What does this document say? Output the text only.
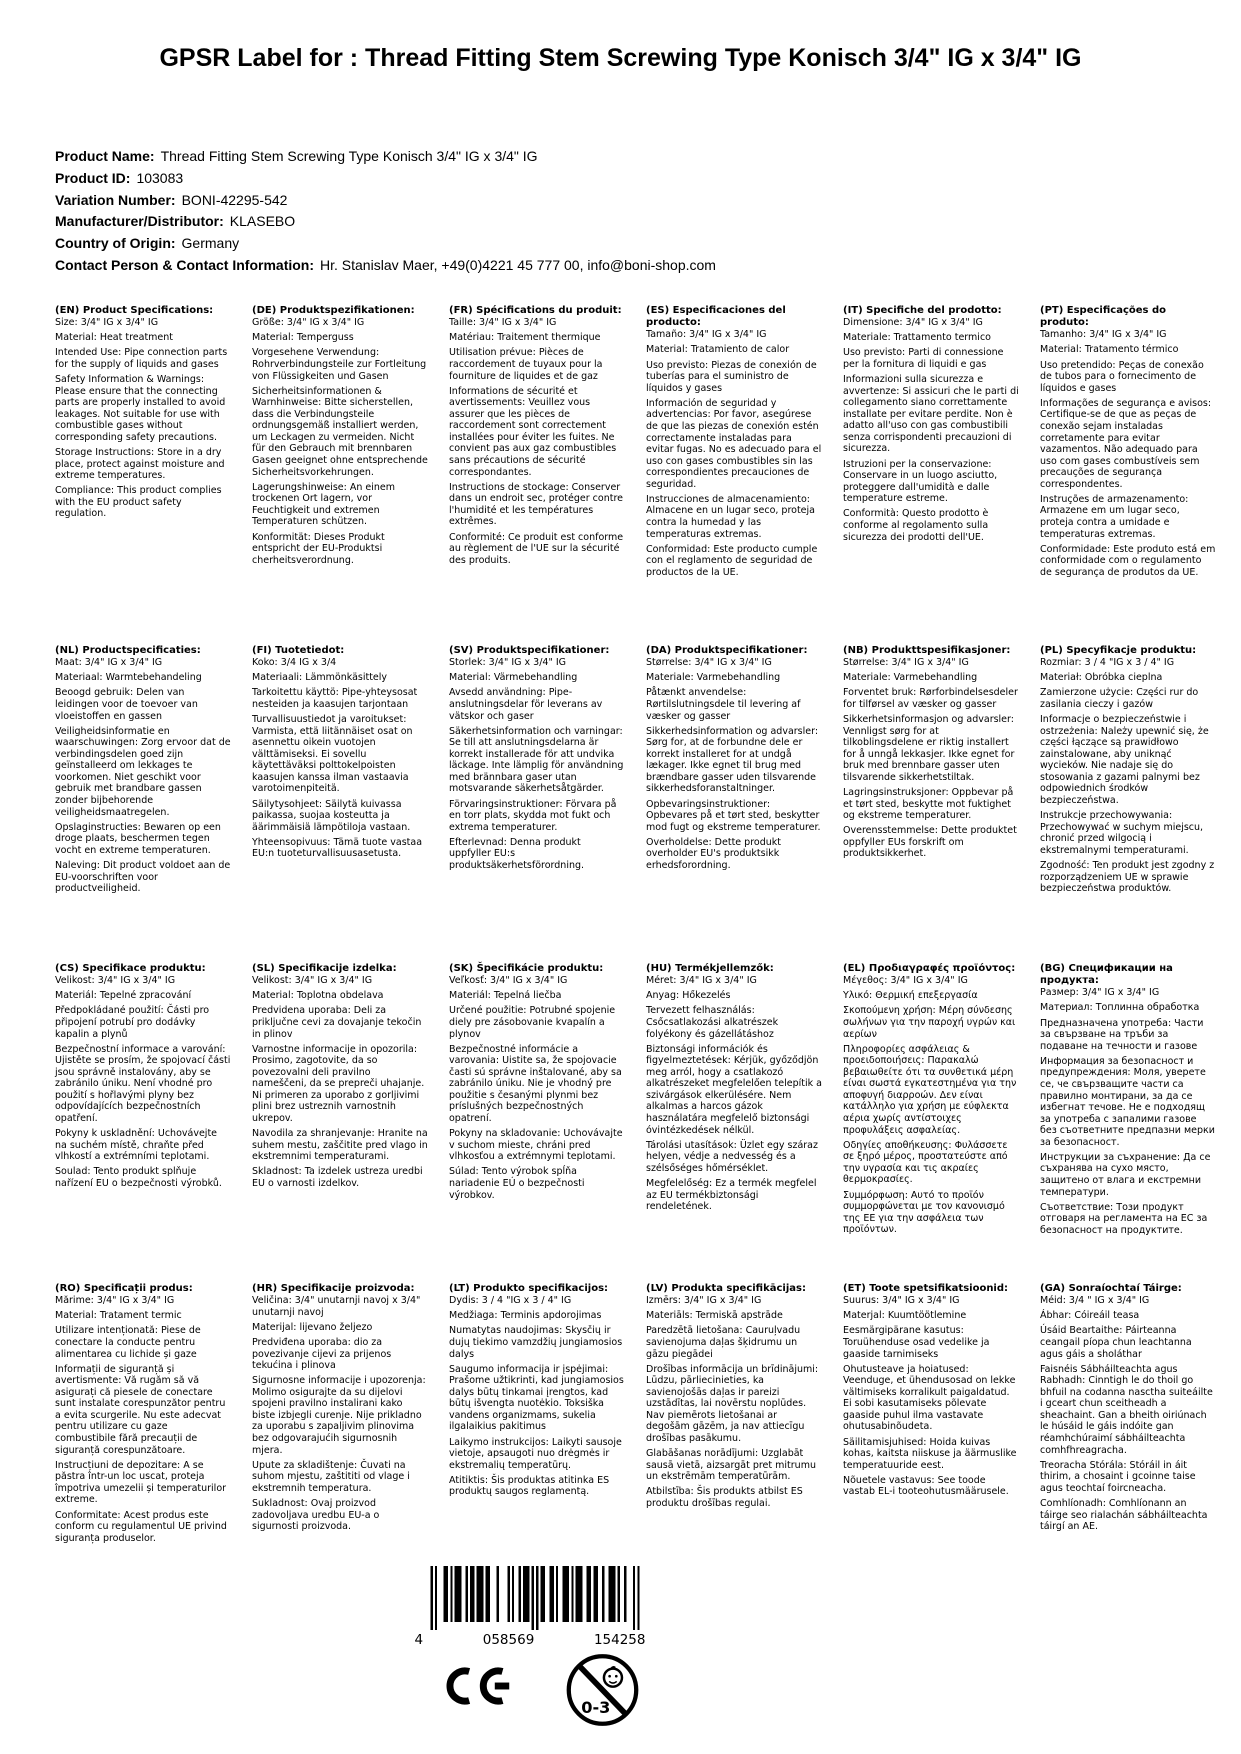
GPSR Label for : Thread Fitting Stem Screwing Type Konisch 3/4" IG x 3/4" IG
Product Name: Thread Fitting Stem Screwing Type Konisch 3/4" IG x 3/4" IG
Product ID: 103083
Variation Number: BONI-42295-542
Manufacturer/Distributor: KLASEBO
Country of Origin: Germany
Contact Person & Contact Information: Hr. Stanislav Maer, +49(0)4221 45 777 00, info@boni-shop.com
(EN) Product Specifications:

Size: 3/4" IG x 3/4" IG

Material: Heat treatment

Intended Use: Pipe connection parts for the supply of liquids and gases

Safety Information & Warnings: Please ensure that the connecting parts are properly installed to avoid leakages. Not suitable for use with combustible gases without corresponding safety precautions.

Storage Instructions: Store in a dry place, protect against moisture and extreme temperatures.

Compliance: This product complies with the EU product safety regulation.

(DE) Produktspezifikationen:

Größe: 3/4" IG x 3/4" IG

Material: Temperguss

Vorgesehene Verwendung: Rohrverbindungsteile zur Fortleitung von Flüssigkeiten und Gasen

Sicherheitsinformationen & Warnhinweise: Bitte sicherstellen, dass die Verbindungsteile ordnungsgemäß installiert werden, um Leckagen zu vermeiden. Nicht für den Gebrauch mit brennbaren Gasen geeignet ohne entsprechende Sicherheitsvorkehrungen.

Lagerungshinweise: An einem trockenen Ort lagern, vor Feuchtigkeit und extremen Temperaturen schützen.

Konformität: Dieses Produkt entspricht der EU-Produktsi cherheitsverordnung.

(FR) Spécifications du produit:

Taille: 3/4" IG x 3/4" IG

Matériau: Traitement thermique

Utilisation prévue: Pièces de raccordement de tuyaux pour la fourniture de liquides et de gaz

Informations de sécurité et avertissements: Veuillez vous assurer que les pièces de raccordement sont correctement installées pour éviter les fuites. Ne convient pas aux gaz combustibles sans précautions de sécurité correspondantes.

Instructions de stockage: Conserver dans un endroit sec, protéger contre l'humidité et les températures extrêmes.

Conformité: Ce produit est conforme au règlement de l'UE sur la sécurité des produits.

(ES) Especificaciones del producto:

Tamaño: 3/4" IG x 3/4" IG

Material: Tratamiento de calor

Uso previsto: Piezas de conexión de tuberías para el suministro de líquidos y gases

Información de seguridad y advertencias: Por favor, asegúrese de que las piezas de conexión estén correctamente instaladas para evitar fugas. No es adecuado para el uso con gases combustibles sin las correspondientes precauciones de seguridad.

Instrucciones de almacenamiento: Almacene en un lugar seco, proteja contra la humedad y las temperaturas extremas.

Conformidad: Este producto cumple con el reglamento de seguridad de productos de la UE.

(IT) Specifiche del prodotto:

Dimensione: 3/4" IG x 3/4" IG

Materiale: Trattamento termico

Uso previsto: Parti di connessione per la fornitura di liquidi e gas

Informazioni sulla sicurezza e avvertenze: Si assicuri che le parti di collegamento siano correttamente installate per evitare perdite. Non è adatto all'uso con gas combustibili senza corrispondenti precauzioni di sicurezza.

Istruzioni per la conservazione: Conservare in un luogo asciutto, proteggere dall'umidità e dalle temperature estreme.

Conformità: Questo prodotto è conforme al regolamento sulla sicurezza dei prodotti dell'UE.

(PT) Especificações do produto:

Tamanho: 3/4" IG x 3/4" IG

Material: Tratamento térmico

Uso pretendido: Peças de conexão de tubos para o fornecimento de líquidos e gases

Informações de segurança e avisos: Certifique-se de que as peças de conexão sejam instaladas corretamente para evitar vazamentos. Não adequado para uso com gases combustíveis sem precauções de segurança correspondentes.

Instruções de armazenamento: Armazene em um lugar seco, proteja contra a umidade e temperaturas extremas.

Conformidade: Este produto está em conformidade com o regulamento de segurança de produtos da UE.

(NL) Productspecificaties:

Maat: 3/4" IG x 3/4" IG

Materiaal: Warmtebehandeling

Beoogd gebruik: Delen van leidingen voor de toevoer van vloeistoffen en gassen

Veiligheidsinformatie en waarschuwingen: Zorg ervoor dat de verbindingsdelen goed zijn geïnstalleerd om lekkages te voorkomen. Niet geschikt voor gebruik met brandbare gassen zonder bijbehorende veiligheidsmaatregelen.

Opslaginstructies: Bewaren op een droge plaats, beschermen tegen vocht en extreme temperaturen.

Naleving: Dit product voldoet aan de EU-voorschriften voor productveiligheid.

(FI) Tuotetiedot:

Koko: 3/4 IG x 3/4

Materiaali: Lämmönkäsittely

Tarkoitettu käyttö: Pipe-yhteysosat nesteiden ja kaasujen tarjontaan

Turvallisuustiedot ja varoitukset: Varmista, että liitännäiset osat on asennettu oikein vuotojen välttämiseksi. Ei sovellu käytettäväksi polttokelpoisten kaasujen kanssa ilman vastaavia varotoimenpiteitä.

Säilytysohjeet: Säilytä kuivassa paikassa, suojaa kosteutta ja äärimmäisiä lämpötiloja vastaan.

Yhteensopivuus: Tämä tuote vastaa EU:n tuoteturvallisuusasetusta.

(SV) Produktspecifikationer:

Storlek: 3/4" IG x 3/4" IG

Material: Värmebehandling

Avsedd användning: Pipe-anslutningsdelar för leverans av vätskor och gaser

Säkerhetsinformation och varningar: Se till att anslutningsdelarna är korrekt installerade för att undvika läckage. Inte lämplig för användning med brännbara gaser utan motsvarande säkerhetsåtgärder.

Förvaringsinstruktioner: Förvara på en torr plats, skydda mot fukt och extrema temperaturer.

Efterlevnad: Denna produkt uppfyller EU:s produktsäkerhetsförordning.

(DA) Produktspecifikationer:

Størrelse: 3/4" IG x 3/4" IG

Materiale: Varmebehandling

Påtænkt anvendelse: Rørtilslutningsdele til levering af væsker og gasser

Sikkerhedsinformation og advarsler: Sørg for, at de forbundne dele er korrekt installeret for at undgå lækager. Ikke egnet til brug med brændbare gasser uden tilsvarende sikkerhedsforanstaltninger.

Opbevaringsinstruktioner: Opbevares på et tørt sted, beskytter mod fugt og ekstreme temperaturer.

Overholdelse: Dette produkt overholder EU's produktsikk erhedsforordning.

(NB) Produkttspesifikasjoner:

Størrelse: 3/4" IG x 3/4" IG

Materiale: Varmebehandling

Forventet bruk: Rørforbindelsesdeler for tilførsel av væsker og gasser

Sikkerhetsinformasjon og advarsler: Vennligst sørg for at tilkoblingsdelene er riktig installert for å unngå lekkasjer. Ikke egnet for bruk med brennbare gasser uten tilsvarende sikkerhetstiltak.

Lagringsinstruksjoner: Oppbevar på et tørt sted, beskytte mot fuktighet og ekstreme temperaturer.

Overensstemmelse: Dette produktet oppfyller EUs forskrift om produktsikkerhet.

(PL) Specyfikacje produktu:

Rozmiar: 3 / 4 "IG x 3 / 4" IG

Materiał: Obróbka cieplna

Zamierzone użycie: Części rur do zasilania cieczy i gazów

Informacje o bezpieczeństwie i ostrzeżenia: Należy upewnić się, że części łączące są prawidłowo zainstalowane, aby uniknąć wycieków. Nie nadaje się do stosowania z gazami palnymi bez odpowiednich środków bezpieczeństwa.

Instrukcje przechowywania: Przechowywać w suchym miejscu, chronić przed wilgocią i ekstremalnymi temperaturami.

Zgodność: Ten produkt jest zgodny z rozporządzeniem UE w sprawie bezpieczeństwa produktów.

(CS) Specifikace produktu:

Velikost: 3/4" IG x 3/4" IG

Materiál: Tepelné zpracování

Předpokládané použití: Části pro připojení potrubí pro dodávky kapalin a plynů

Bezpečnostní informace a varování: Ujistěte se prosím, že spojovací části jsou správně instalovány, aby se zabránilo úniku. Není vhodné pro použití s hořlavými plyny bez odpovídajících bezpečnostních opatření.

Pokyny k uskladnění: Uchovávejte na suchém místě, chraňte před vlhkostí a extrémními teplotami.

Soulad: Tento produkt splňuje nařízení EU o bezpečnosti výrobků.

(SL) Specifikacije izdelka:

Velikost: 3/4" IG x 3/4" IG

Material: Toplotna obdelava

Predvidena uporaba: Deli za priključne cevi za dovajanje tekočin in plinov

Varnostne informacije in opozorila: Prosimo, zagotovite, da so povezovalni deli pravilno nameščeni, da se prepreči uhajanje. Ni primeren za uporabo z gorljivimi plini brez ustreznih varnostnih ukrepov.

Navodila za shranjevanje: Hranite na suhem mestu, zaščitite pred vlago in ekstremnimi temperaturami.

Skladnost: Ta izdelek ustreza uredbi EU o varnosti izdelkov.

(SK) Špecifikácie produktu:

Veľkosť: 3/4" IG x 3/4" IG

Materiál: Tepelná liečba

Určené použitie: Potrubné spojenie diely pre zásobovanie kvapalín a plynov

Bezpečnostné informácie a varovania: Uistite sa, že spojovacie časti sú správne inštalované, aby sa zabránilo úniku. Nie je vhodný pre použitie s česanými plynmi bez príslušných bezpečnostných opatrení.

Pokyny na skladovanie: Uchovávajte v suchom mieste, chráni pred vlhkosťou a extrémnymi teplotami.

Súlad: Tento výrobok spĺňa nariadenie EÚ o bezpečnosti výrobkov.

(HU) Termékjellemzők:

Méret: 3/4" IG x 3/4" IG

Anyag: Hőkezelés

Tervezett felhasználás: Csőcsatlakozási alkatrészek folyékony és gázellátáshoz

Biztonsági információk és figyelmeztetések: Kérjük, győződjön meg arról, hogy a csatlakozó alkatrészeket megfelelően telepítik a szivárgások elkerülésére. Nem alkalmas a harcos gázok használatára megfelelő biztonsági óvintézkedések nélkül.

Tárolási utasítások: Üzlet egy száraz helyen, védje a nedvesség és a szélsőséges hőmérséklet.

Megfelelőség: Ez a termék megfelel az EU termékbiztonsági rendeletének.

(EL) Προδιαγραφές προϊόντος:

Μέγεθος: 3/4" IG x 3/4" IG

Υλικό: Θερμική επεξεργασία

Σκοπούμενη χρήση: Μέρη σύνδεσης σωλήνων για την παροχή υγρών και αερίων

Πληροφορίες ασφάλειας & προειδοποιήσεις: Παρακαλώ βεβαιωθείτε ότι τα συνθετικά μέρη είναι σωστά εγκατεστημένα για την αποφυγή διαρροών. Δεν είναι κατάλληλο για χρήση με εύφλεκτα αέρια χωρίς αντίστοιχες προφυλάξεις ασφαλείας.

Οδηγίες αποθήκευσης: Φυλάσσετε σε ξηρό μέρος, προστατεύστε από την υγρασία και τις ακραίες θερμοκρασίες.

Συμμόρφωση: Αυτό το προϊόν συμμορφώνεται με τον κανονισμό της ΕΕ για την ασφάλεια των προϊόντων.

(BG) Спецификации на продукта:

Размер: 3/4" IG x 3/4" IG

Материал: Топлинна обработка

Предназначена употреба: Части за свързване на тръби за подаване на течности и газове

Информация за безопасност и предупреждения: Моля, уверете се, че свързващите части са правилно монтирани, за да се избегнат течове. Не е подходящ за употреба с запалими газове без съответните предпазни мерки за безопасност.

Инструкции за съхранение: Да се съхранява на сухо място, защитено от влага и екстремни температури.

Съответствие: Този продукт отговаря на регламента на ЕС за безопасност на продуктите.

(RO) Specificații produs:

Mărime: 3/4" IG x 3/4" IG

Material: Tratament termic

Utilizare intenționată: Piese de conectare la conducte pentru alimentarea cu lichide și gaze

Informații de siguranță și avertismente: Vă rugăm să vă asigurați că piesele de conectare sunt instalate corespunzător pentru a evita scurgerile. Nu este adecvat pentru utilizare cu gaze combustibile fără precauții de siguranță corespunzătoare.

Instrucțiuni de depozitare: A se păstra într-un loc uscat, proteja împotriva umezelii și temperaturilor extreme.

Conformitate: Acest produs este conform cu regulamentul UE privind siguranța produselor.

(HR) Specifikacije proizvoda:

Veličina: 3/4" unutarnji navoj x 3/4" unutarnji navoj

Materijal: lijevano željezo

Predviđena uporaba: dio za povezivanje cijevi za prijenos tekućina i plinova

Sigurnosne informacije i upozorenja: Molimo osigurajte da su dijelovi spojeni pravilno instalirani kako biste izbjegli curenje. Nije prikladno za uporabu s zapaljivim plinovima bez odgovarajućih sigurnosnih mjera.

Upute za skladištenje: Čuvati na suhom mjestu, zaštititi od vlage i ekstremnih temperatura.

Sukladnost: Ovaj proizvod zadovoljava uredbu EU-a o sigurnosti proizvoda.

(LT) Produkto specifikacijos:

Dydis: 3 / 4 "IG x 3 / 4" IG

Medžiaga: Terminis apdorojimas

Numatytas naudojimas: Skysčių ir dujų tiekimo vamzdžių jungiamosios dalys

Saugumo informacija ir įspėjimai: Prašome užtikrinti, kad jungiamosios dalys būtų tinkamai įrengtos, kad būtų išvengta nuotėkio. Toksiška vandens organizmams, sukelia ilgalaikius pakitimus

Laikymo instrukcijos: Laikyti sausoje vietoje, apsaugoti nuo drėgmės ir ekstremalių temperatūrų.

Atitiktis: Šis produktas atitinka ES produktų saugos reglamentą.

(LV) Produkta specifikācijas:

Izmērs: 3/4" IG x 3/4" IG

Materiāls: Termiskā apstrāde

Paredzētā lietošana: Cauruļvadu savienojuma daļas šķidrumu un gāzu piegādei

Drošības informācija un brīdinājumi: Lūdzu, pārliecinieties, ka savienojošās daļas ir pareizi uzstādītas, lai novērstu noplūdes. Nav piemērots lietošanai ar degošām gāzēm, ja nav attiecīgu drošības pasākumu.

Glabāšanas norādījumi: Uzglabāt sausā vietā, aizsargāt pret mitrumu un ekstrēmām temperatūrām.

Atbilstība: Šis produkts atbilst ES produktu drošības regulai.

(ET) Toote spetsifikatsioonid:

Suurus: 3/4" IG x 3/4" IG

Materjal: Kuumtöötlemine

Eesmärgipärane kasutus: Toruühenduse osad vedelike ja gaaside tarnimiseks

Ohutusteave ja hoiatused: Veenduge, et ühendusosad on lekke vältimiseks korralikult paigaldatud. Ei sobi kasutamiseks põlevate gaaside puhul ilma vastavate ohutusabinõudeta.

Säilitamisjuhised: Hoida kuivas kohas, kaitsta niiskuse ja äärmuslike temperatuuride eest.

Nõuetele vastavus: See toode vastab EL-i tooteohutusmäärusele.

(GA) Sonraíochtaí Táirge:

Méid: 3/4 " IG x 3/4" IG

Ábhar: Cóireáil teasa

Úsáid Beartaithe: Páirteanna ceangail píopa chun leachtanna agus gáis a sholáthar

Faisnéis Sábháilteachta agus Rabhadh: Cinntigh le do thoil go bhfuil na codanna nasctha suiteáilte i gceart chun sceitheadh a sheachaint. Gan a bheith oiriúnach le húsáid le gáis indóite gan réamhchúraimí sábháilteachta comhfhreagracha.

Treoracha Stórála: Stóráil in áit thirim, a chosaint i gcoinne taise agus teochtaí foircneacha.

Comhlíonadh: Comhlíonann an táirge seo rialachán sábháilteachta táirgí an AE.

4	058569	154258
0-3
